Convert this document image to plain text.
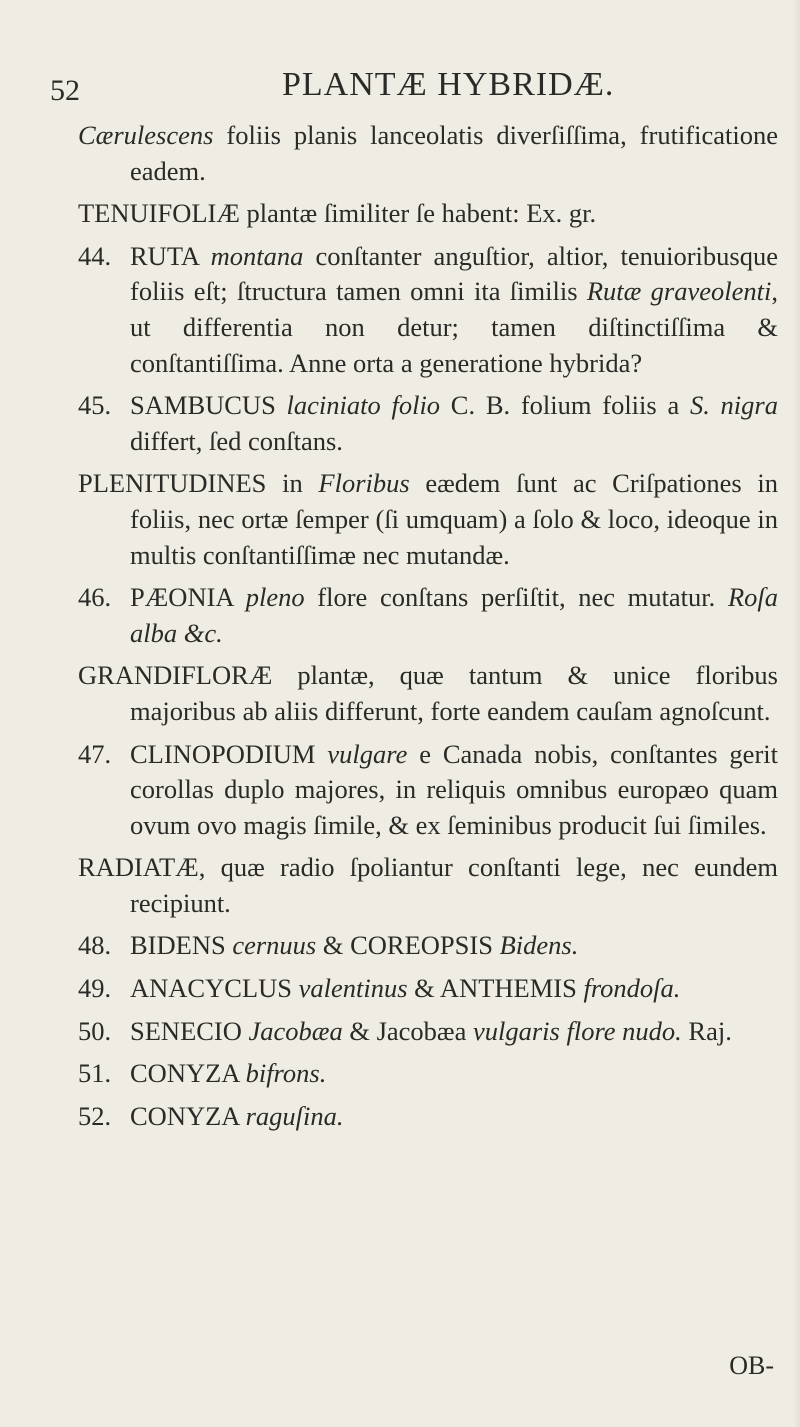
52	PLANTÆ HYBRIDÆ.
Cærulescens foliis planis lanceolatis diverſiſſima, frutificatione eadem.
TENUIFOLIÆ plantæ ſimiliter ſe habent: Ex. gr.
44. RUTA montana conſtanter anguſtior, altior, tenuioribusque foliis eſt; ſtructura tamen omni ita ſimilis Rutæ graveolenti, ut differentia non detur; tamen diſtinctiſſima & conſtantiſſima. Anne orta a generatione hybrida?
45. SAMBUCUS laciniato folio C. B. folium foliis a S. nigra differt, ſed conſtans.
PLENITUDINES in Floribus eædem ſunt ac Criſpationes in foliis, nec ortæ ſemper (ſi umquam) a ſolo & loco, ideoque in multis conſtantiſſimæ nec mutandæ.
46. PÆONIA pleno flore conſtans perſiſtit, nec mutatur. Roſa alba &c.
GRANDIFLORÆ plantæ, quæ tantum & unice floribus majoribus ab aliis differunt, forte eandem cauſam agnoſcunt.
47. CLINOPODIUM vulgare e Canada nobis, conſtantes gerit corollas duplo majores, in reliquis omnibus europæo quam ovum ovo magis ſimile, & ex ſeminibus producit ſui ſimiles.
RADIATÆ, quæ radio ſpoliantur conſtanti lege, nec eundem recipiunt.
48. BIDENS cernuus & COREOPSIS Bidens.
49. ANACYCLUS valentinus & ANTHEMIS frondoſa.
50. SENECIO Jacobæa & Jacobæa vulgaris flore nudo. Raj.
51. CONYZA bifrons.
52. CONYZA raguſina.
OB-
